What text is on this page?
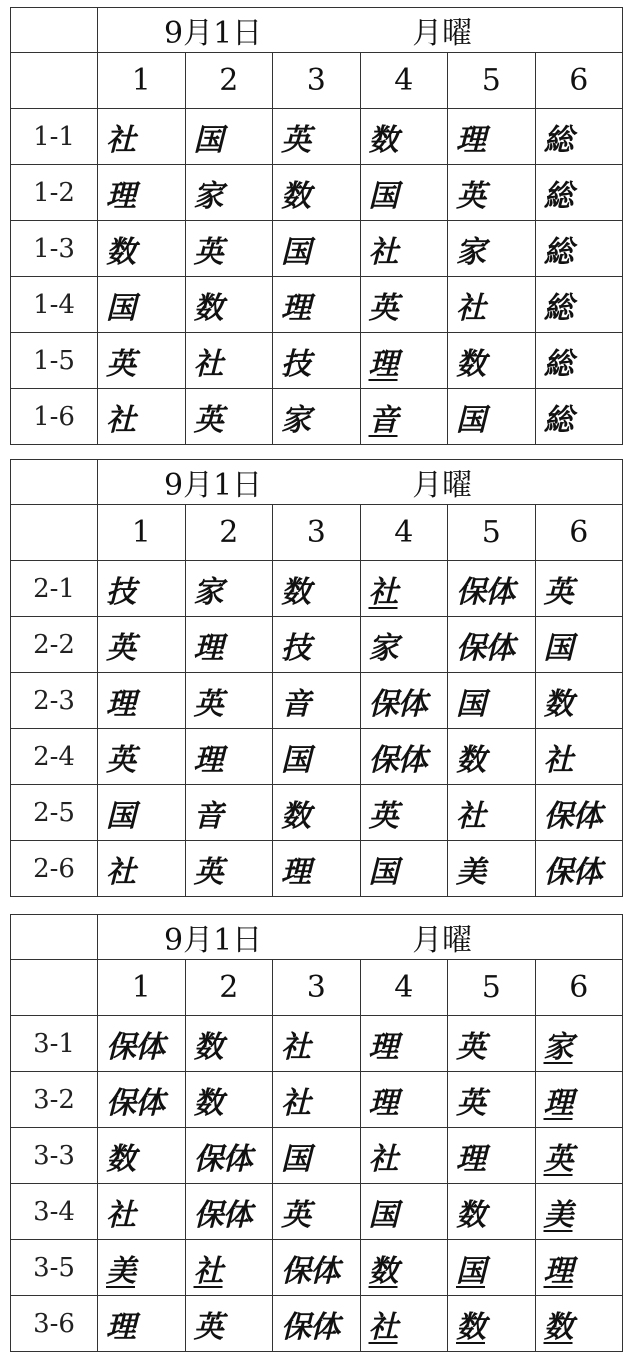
	9月1日 月曜					
	1	2	3	4	5	6
1-1	社	国	英	数	理	総
1-2	理	家	数	国	英	総
1-3	数	英	国	社	家	総
1-4	国	数	理	英	社	総
1-5	英	社	技	理	数	総
1-6	社	英	家	音	国	総
	9月1日 月曜					
	1	2	3	4	5	6
2-1	技	家	数	社	保体	英
2-2	英	理	技	家	保体	国
2-3	理	英	音	保体	国	数
2-4	英	理	国	保体	数	社
2-5	国	音	数	英	社	保体
2-6	社	英	理	国	美	保体
	9月1日 月曜					
	1	2	3	4	5	6
3-1	保体	数	社	理	英	家
3-2	保体	数	社	理	英	理
3-3	数	保体	国	社	理	英
3-4	社	保体	英	国	数	美
3-5	美	社	保体	数	国	理
3-6	理	英	保体	社	数	数
